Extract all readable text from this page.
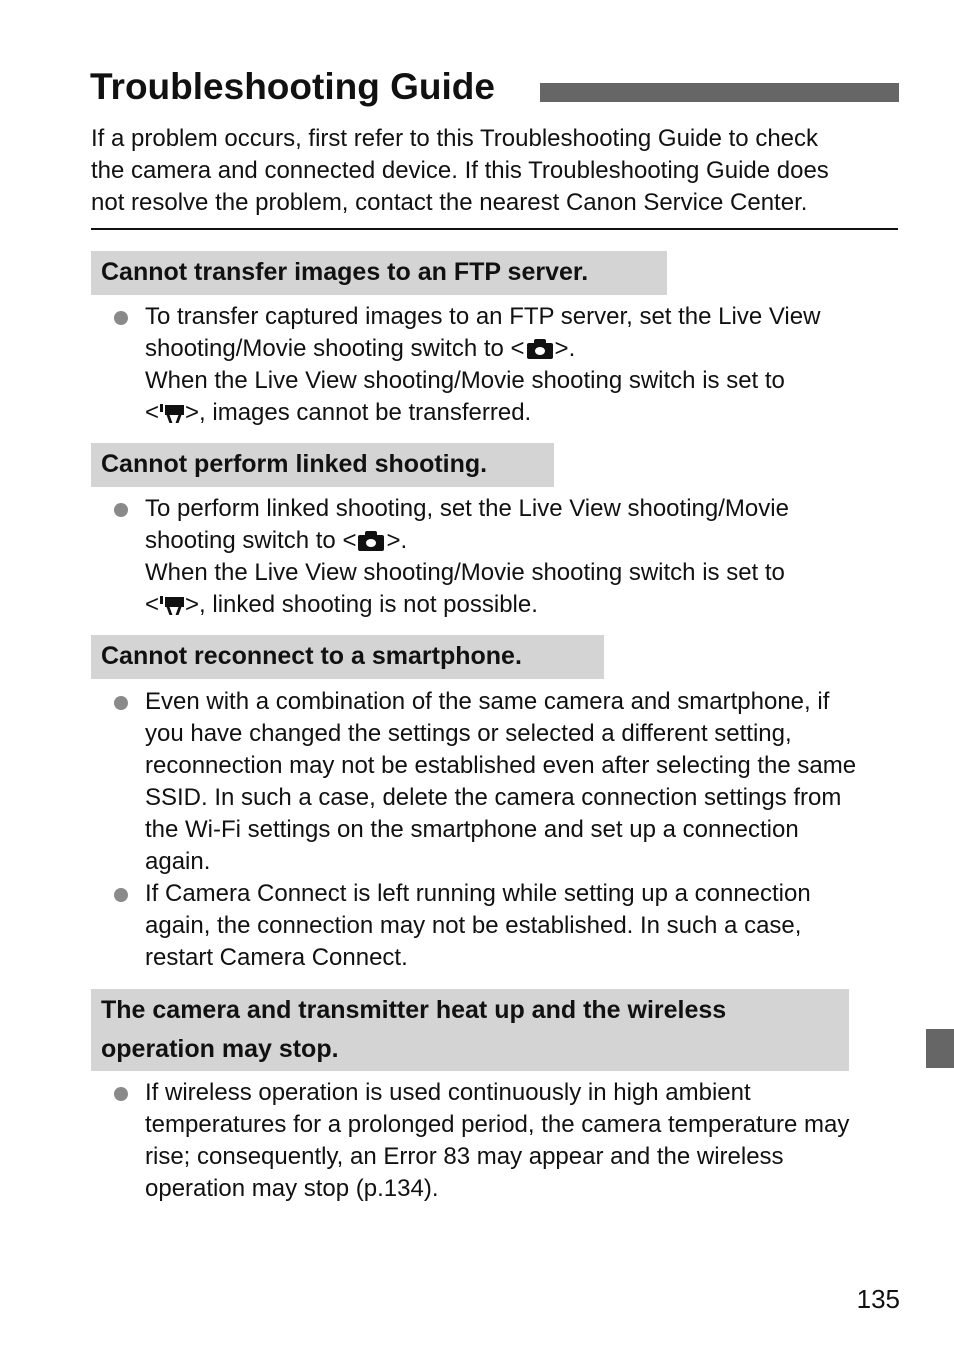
Troubleshooting Guide

If a problem occurs, first refer to this Troubleshooting Guide to check
the camera and connected device. If this Troubleshooting Guide does
not resolve the problem, contact the nearest Canon Service Center.

Cannot transfer images to an FTP server.
To transfer captured images to an FTP server, set the Live View
shooting/Movie shooting switch to < >.
When the Live View shooting/Movie shooting switch is set to
< >, images cannot be transferred.
Cannot perform linked shooting.
To perform linked shooting, set the Live View shooting/Movie
shooting switch to < >.
When the Live View shooting/Movie shooting switch is set to
< >, linked shooting is not possible.
Cannot reconnect to a smartphone.
Even with a combination of the same camera and smartphone, if
you have changed the settings or selected a different setting,
reconnection may not be established even after selecting the same
SSID. In such a case, delete the camera connection settings from
the Wi-Fi settings on the smartphone and set up a connection
again.
If Camera Connect is left running while setting up a connection
again, the connection may not be established. In such a case,
restart Camera Connect.
The camera and transmitter heat up and the wireless
operation may stop.
If wireless operation is used continuously in high ambient
temperatures for a prolonged period, the camera temperature may
rise; consequently, an Error 83 may appear and the wireless
operation may stop (p.134).

135
